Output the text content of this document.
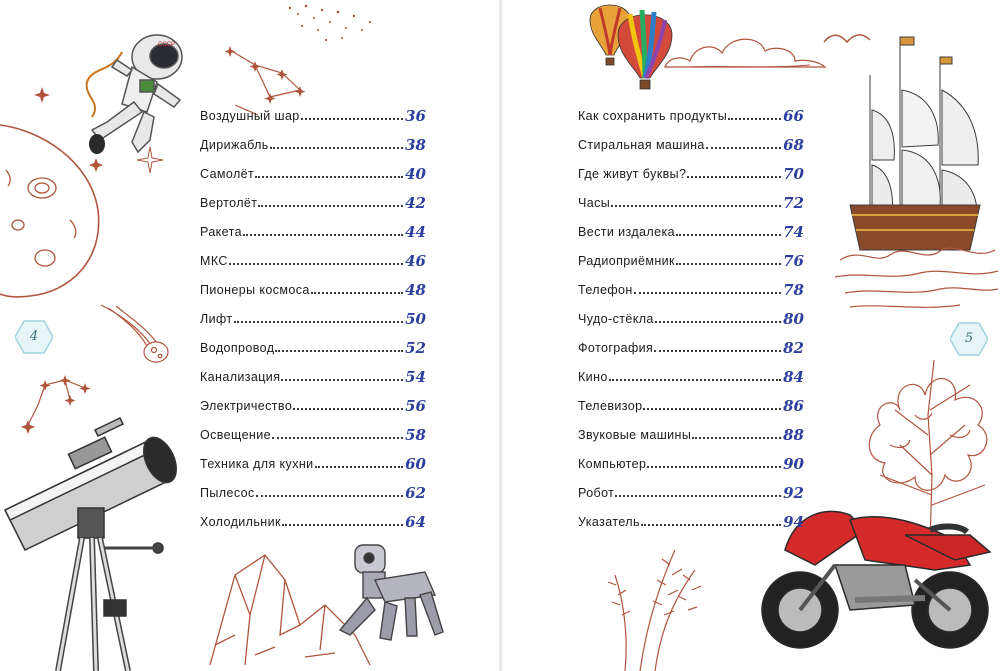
СССР
Воздушный шар	36
Дирижабль	38
Самолёт	40
Вертолёт	42
Ракета	44
МКС	46
Пионеры космоса	48
Лифт	50
Водопровод	52
Канализация	54
Электричество	56
Освещение	58
Техника для кухни	60
Пылесос	62
Холодильник	64
Как сохранить продукты	66
Стиральная машина	68
Где живут буквы?	70
Часы	72
Вести издалека	74
Радиоприёмник	76
Телефон	78
Чудо-стёкла	80
Фотография	82
Кино	84
Телевизор	86
Звуковые машины	88
Компьютер	90
Робот	92
Указатель	94
4	5
